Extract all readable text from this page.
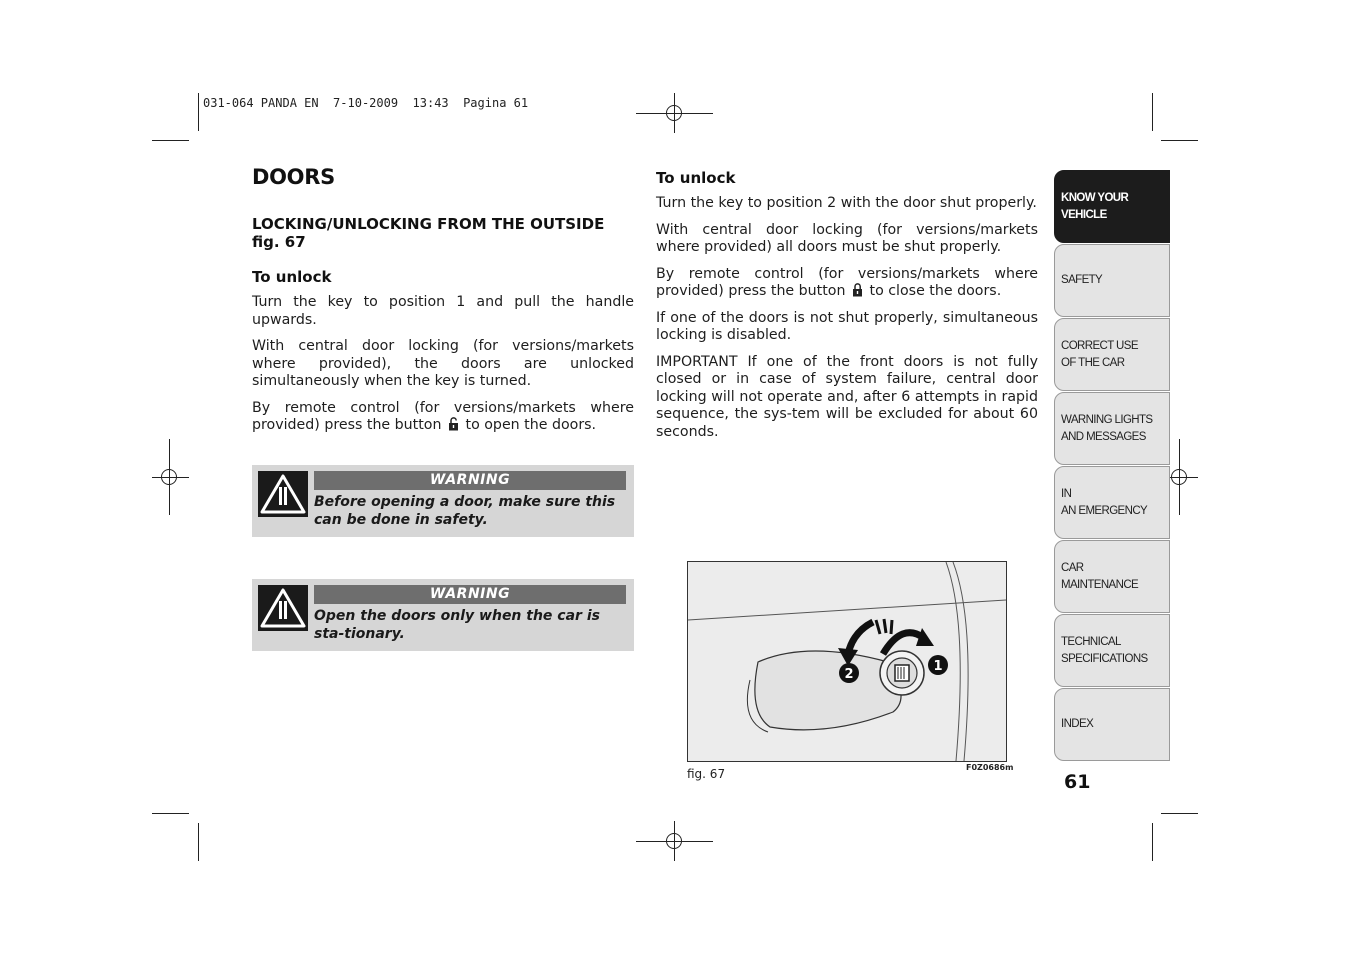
031-064 PANDA EN  7-10-2009  13:43  Pagina 61
DOORS
LOCKING/UNLOCKING FROM THE OUTSIDE
fig. 67
To unlock

Turn the key to position 1 and pull the handle upwards.

With central door locking (for versions/markets where provided), the doors are unlocked simultaneously when the key is turned.

By remote control (for versions/markets where provided) press the button to open the doors.

WARNING
Before opening a door, make sure this can be done in safety.
WARNING
Open the doors only when the car is sta-tionary.
To unlock

Turn the key to position 2 with the door shut properly.

With central door locking (for versions/markets where provided) all doors must be shut properly.

By remote control (for versions/markets where provided) press the button to close the doors.

If one of the doors is not shut properly, simultaneous locking is disabled.

IMPORTANT If one of the front doors is not fully closed or in case of system failure, central door locking will not operate and, after 6 attempts in rapid sequence, the sys-tem will be excluded for about 60 seconds.

1
2
fig. 67	F0Z0686m
KNOW YOUR
VEHICLE
SAFETY
CORRECT USE
OF THE CAR
WARNING LIGHTS
AND MESSAGES
IN
AN EMERGENCY
CAR
MAINTENANCE
TECHNICAL
SPECIFICATIONS
INDEX
61
